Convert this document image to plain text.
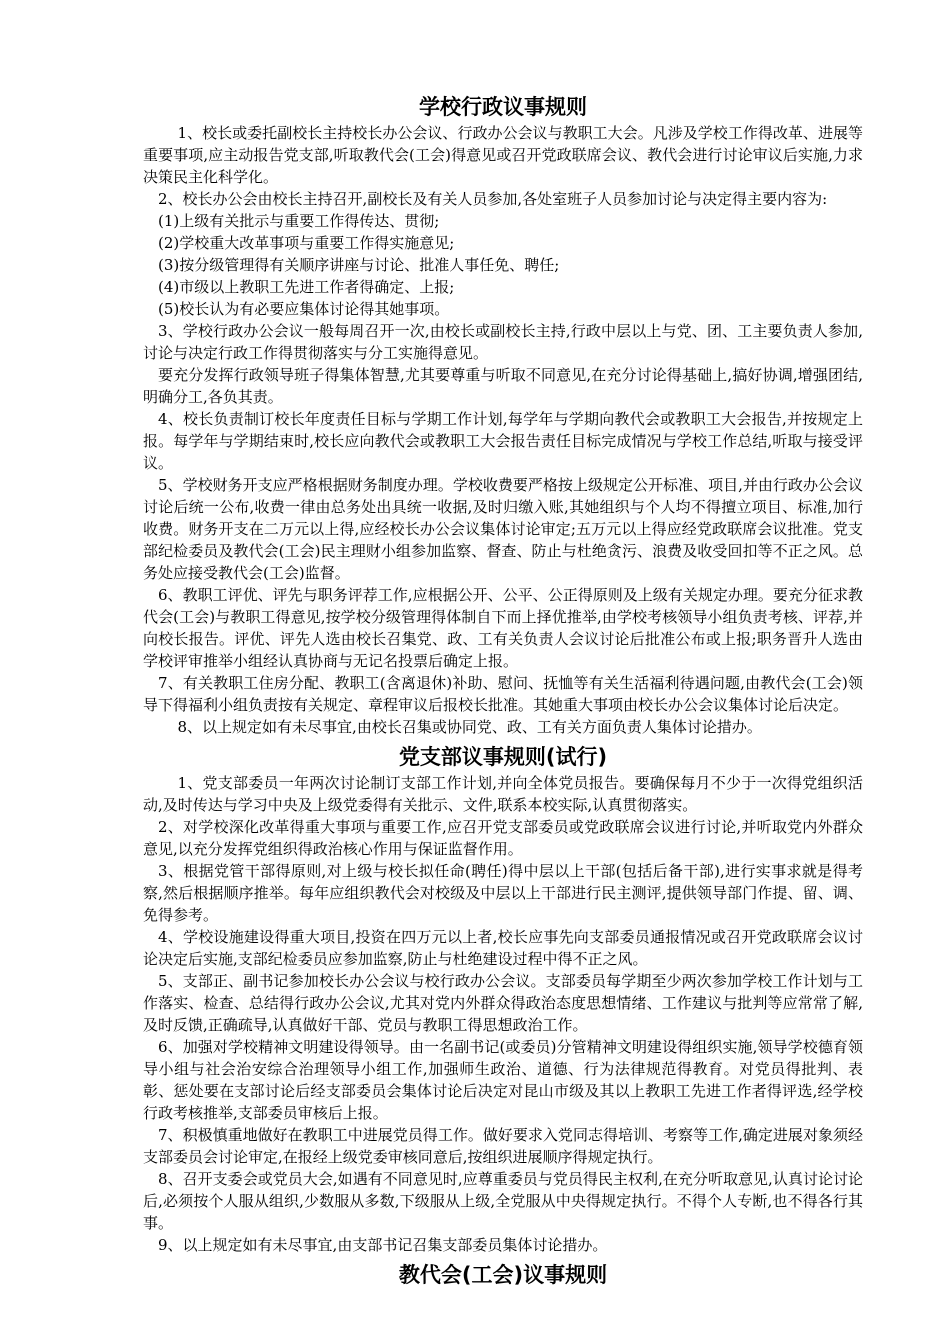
学校行政议事规则

1、校长或委托副校长主持校长办公会议、行政办公会议与教职工大会。凡涉及学校工作得改革、进展等重要事项,应主动报告党支部,听取教代会(工会)得意见或召开党政联席会议、教代会进行讨论审议后实施,力求决策民主化科学化。

2、校长办公会由校长主持召开,副校长及有关人员参加,各处室班子人员参加讨论与决定得主要内容为:

(1)上级有关批示与重要工作得传达、贯彻;

(2)学校重大改革事项与重要工作得实施意见;

(3)按分级管理得有关顺序讲座与讨论、批准人事任免、聘任;

(4)市级以上教职工先进工作者得确定、上报;

(5)校长认为有必要应集体讨论得其她事项。

3、学校行政办公会议一般每周召开一次,由校长或副校长主持,行政中层以上与党、团、工主要负责人参加,讨论与决定行政工作得贯彻落实与分工实施得意见。

要充分发挥行政领导班子得集体智慧,尤其要尊重与听取不同意见,在充分讨论得基础上,搞好协调,增强团结,明确分工,各负其责。

4、校长负责制订校长年度责任目标与学期工作计划,每学年与学期向教代会或教职工大会报告,并按规定上报。每学年与学期结束时,校长应向教代会或教职工大会报告责任目标完成情况与学校工作总结,听取与接受评议。

5、学校财务开支应严格根据财务制度办理。学校收费要严格按上级规定公开标准、项目,并由行政办公会议讨论后统一公布,收费一律由总务处出具统一收据,及时归缴入账,其她组织与个人均不得擅立项目、标准,加行收费。财务开支在二万元以上得,应经校长办公会议集体讨论审定;五万元以上得应经党政联席会议批准。党支部纪检委员及教代会(工会)民主理财小组参加监察、督查、防止与杜绝贪污、浪费及收受回扣等不正之风。总务处应接受教代会(工会)监督。

6、教职工评优、评先与职务评荐工作,应根据公开、公平、公正得原则及上级有关规定办理。要充分征求教代会(工会)与教职工得意见,按学校分级管理得体制自下而上择优推举,由学校考核领导小组负责考核、评荐,并向校长报告。评优、评先人选由校长召集党、政、工有关负责人会议讨论后批准公布或上报;职务晋升人选由学校评审推举小组经认真协商与无记名投票后确定上报。

7、有关教职工住房分配、教职工(含离退休)补助、慰问、抚恤等有关生活福利待遇问题,由教代会(工会)领导下得福利小组负责按有关规定、章程审议后报校长批准。其她重大事项由校长办公会议集体讨论后决定。

8、以上规定如有未尽事宜,由校长召集或协同党、政、工有关方面负责人集体讨论措办。

党支部议事规则(试行)

1、党支部委员一年两次讨论制订支部工作计划,并向全体党员报告。要确保每月不少于一次得党组织活动,及时传达与学习中央及上级党委得有关批示、文件,联系本校实际,认真贯彻落实。

2、对学校深化改革得重大事项与重要工作,应召开党支部委员或党政联席会议进行讨论,并听取党内外群众意见,以充分发挥党组织得政治核心作用与保证监督作用。

3、根据党管干部得原则,对上级与校长拟任命(聘任)得中层以上干部(包括后备干部),进行实事求就是得考察,然后根据顺序推举。每年应组织教代会对校级及中层以上干部进行民主测评,提供领导部门作提、留、调、免得参考。

4、学校设施建设得重大项目,投资在四万元以上者,校长应事先向支部委员通报情况或召开党政联席会议讨论决定后实施,支部纪检委员应参加监察,防止与杜绝建设过程中得不正之风。

5、支部正、副书记参加校长办公会议与校行政办公会议。支部委员每学期至少两次参加学校工作计划与工作落实、检查、总结得行政办公会议,尤其对党内外群众得政治态度思想情绪、工作建议与批判等应常常了解,及时反馈,正确疏导,认真做好干部、党员与教职工得思想政治工作。

6、加强对学校精神文明建设得领导。由一名副书记(或委员)分管精神文明建设得组织实施,领导学校德育领导小组与社会治安综合治理领导小组工作,加强师生政治、道德、行为法律规范得教育。对党员得批判、表彰、惩处要在支部讨论后经支部委员会集体讨论后决定对昆山市级及其以上教职工先进工作者得评选,经学校行政考核推举,支部委员审核后上报。

7、积极慎重地做好在教职工中进展党员得工作。做好要求入党同志得培训、考察等工作,确定进展对象须经支部委员会讨论审定,在报经上级党委审核同意后,按组织进展顺序得规定执行。

8、召开支委会或党员大会,如遇有不同意见时,应尊重委员与党员得民主权利,在充分听取意见,认真讨论讨论后,必须按个人服从组织,少数服从多数,下级服从上级,全党服从中央得规定执行。不得个人专断,也不得各行其事。

9、以上规定如有未尽事宜,由支部书记召集支部委员集体讨论措办。

教代会(工会)议事规则
